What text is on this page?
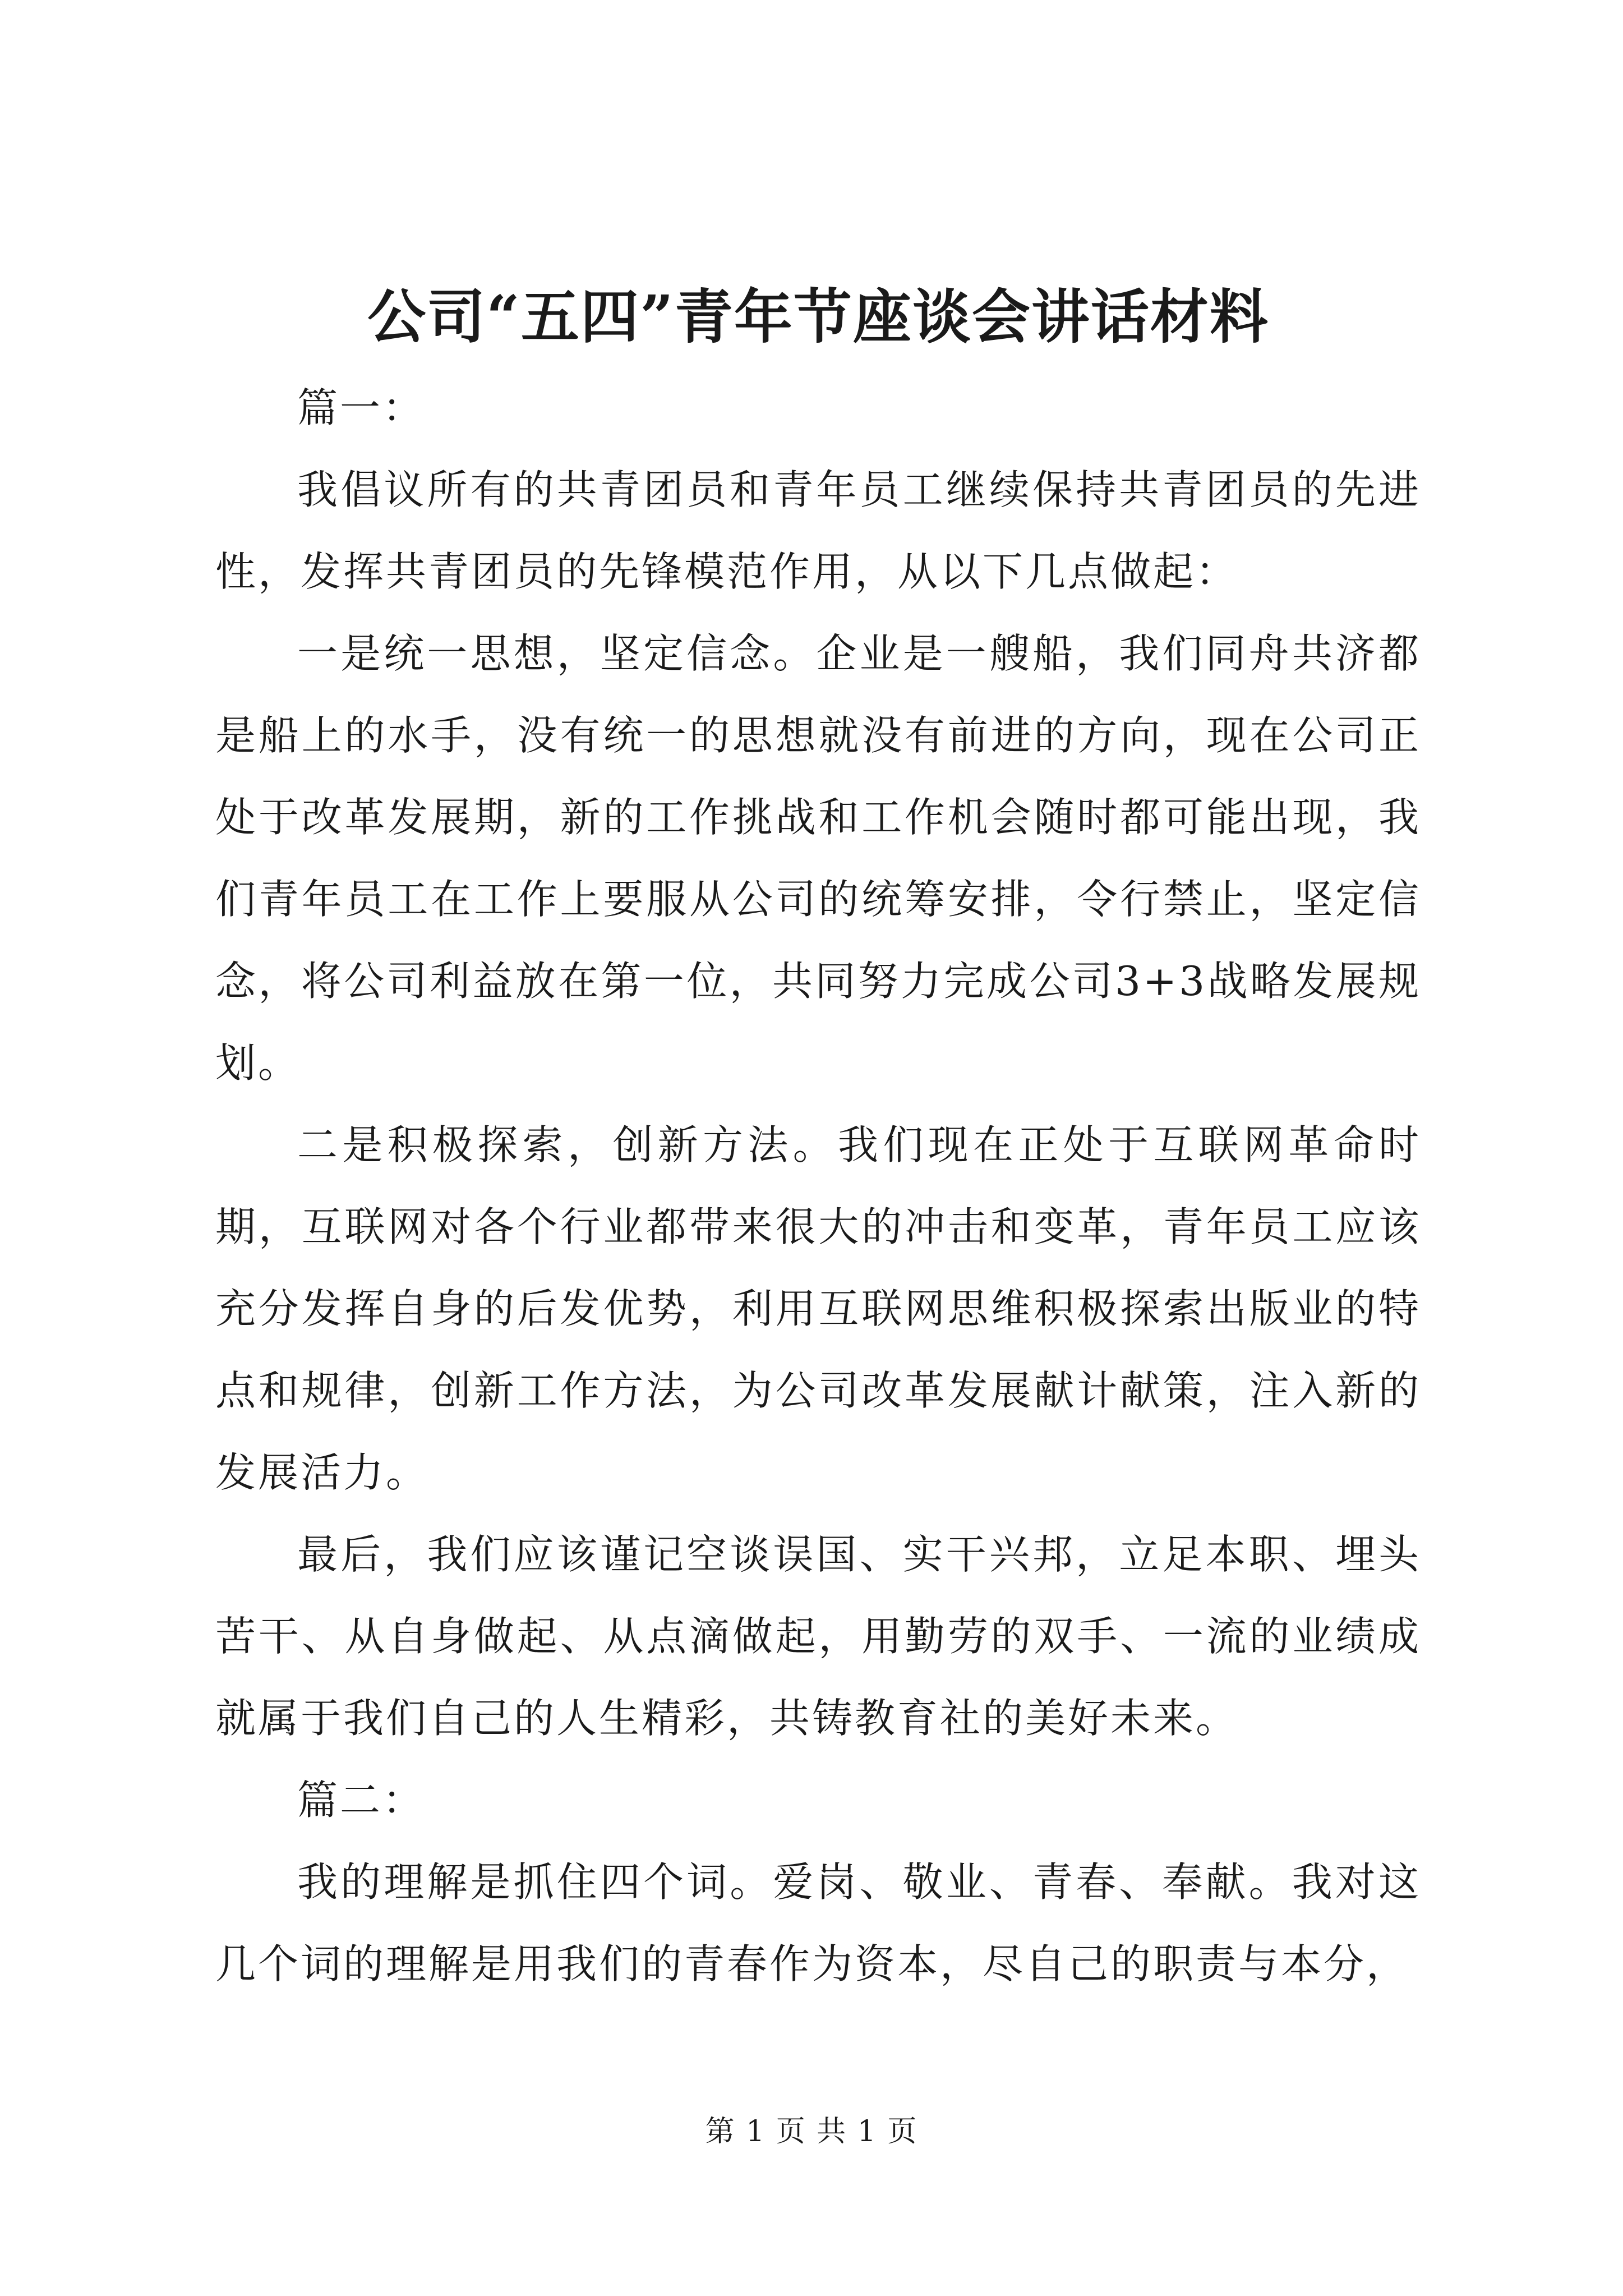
公司“五四”青年节座谈会讲话材料

篇一：

我倡议所有的共青团员和青年员工继续保持共青团员的先进性，发挥共青团员的先锋模范作用，从以下几点做起：

一是统一思想，坚定信念。企业是一艘船，我们同舟共济都是船上的水手，没有统一的思想就没有前进的方向，现在公司正处于改革发展期，新的工作挑战和工作机会随时都可能出现，我们青年员工在工作上要服从公司的统筹安排，令行禁止，坚定信念，将公司利益放在第一位，共同努力完成公司3+3战略发展规划。

二是积极探索，创新方法。我们现在正处于互联网革命时期，互联网对各个行业都带来很大的冲击和变革，青年员工应该充分发挥自身的后发优势，利用互联网思维积极探索出版业的特点和规律，创新工作方法，为公司改革发展献计献策，注入新的发展活力。

最后，我们应该谨记空谈误国、实干兴邦，立足本职、埋头苦干、从自身做起、从点滴做起，用勤劳的双手、一流的业绩成就属于我们自己的人生精彩，共铸教育社的美好未来。

篇二：

我的理解是抓住四个词。爱岗、敬业、青春、奉献。我对这几个词的理解是用我们的青春作为资本，尽自己的职责与本分，

第 1 页 共 1 页
